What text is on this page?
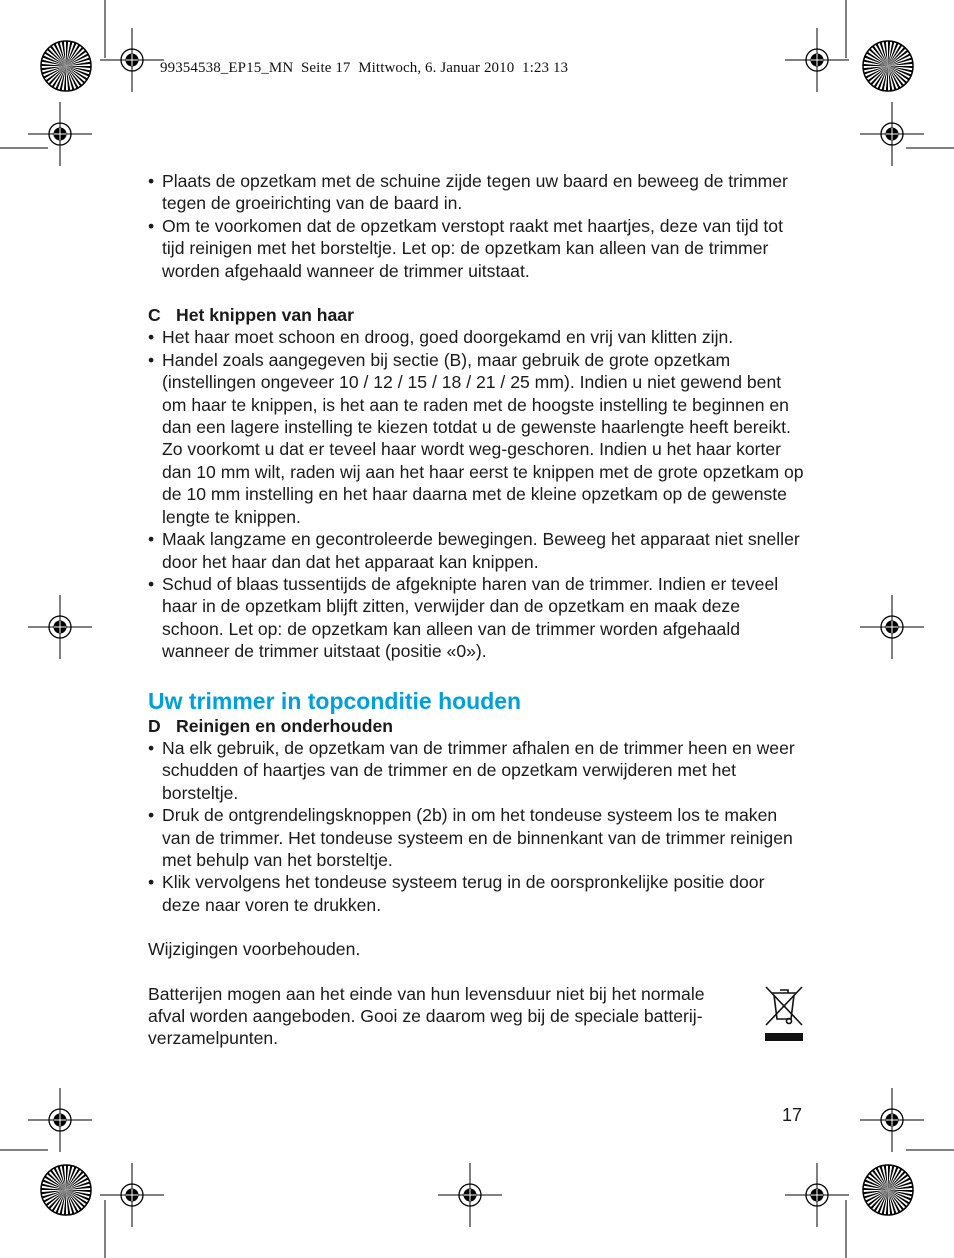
99354538_EP15_MN  Seite 17  Mittwoch, 6. Januar 2010  1:23 13
• Plaats de opzetkam met de schuine zijde tegen uw baard en beweeg de trimmer tegen de groeirichting van de baard in.
• Om te voorkomen dat de opzetkam verstopt raakt met haartjes, deze van tijd tot tijd reinigen met het borsteltje. Let op: de opzetkam kan alleen van de trimmer worden afgehaald wanneer de trimmer uitstaat.

C Het knippen van haar

• Het haar moet schoon en droog, goed doorgekamd en vrij van klitten zijn.
• Handel zoals aangegeven bij sectie (B), maar gebruik de grote opzetkam (instellingen ongeveer 10 / 12 / 15 / 18 / 21 / 25 mm). Indien u niet gewend bent om haar te knippen, is het aan te raden met de hoogste instelling te beginnen en dan een lagere instelling te kiezen totdat u de gewenste haarlengte heeft bereikt. Zo voorkomt u dat er teveel haar wordt weg-geschoren. Indien u het haar korter dan 10 mm wilt, raden wij aan het haar eerst te knippen met de grote opzetkam op de 10 mm instelling en het haar daarna met de kleine opzetkam op de gewenste lengte te knippen.
• Maak langzame en gecontroleerde bewegingen. Beweeg het apparaat niet sneller door het haar dan dat het apparaat kan knippen.
• Schud of blaas tussentijds de afgeknipte haren van de trimmer. Indien er teveel haar in de opzetkam blijft zitten, verwijder dan de opzetkam en maak deze schoon. Let op: de opzetkam kan alleen van de trimmer worden afgehaald wanneer de trimmer uitstaat (positie «0»).
Uw trimmer in topconditie houden

D Reinigen en onderhouden

• Na elk gebruik, de opzetkam van de trimmer afhalen en de trimmer heen en weer schudden of haartjes van de trimmer en de opzetkam verwijderen met het borsteltje.
• Druk de ontgrendelingsknoppen (2b) in om het tondeuse systeem los te maken van de trimmer. Het tondeuse systeem en de binnenkant van de trimmer reinigen met behulp van het borsteltje.
• Klik vervolgens het tondeuse systeem terug in de oorspronkelijke positie door deze naar voren te drukken.

Wijzigingen voorbehouden.

Batterijen mogen aan het einde van hun levensduur niet bij het normale afval worden aangeboden. Gooi ze daarom weg bij de speciale batterij-verzamelpunten.

17
